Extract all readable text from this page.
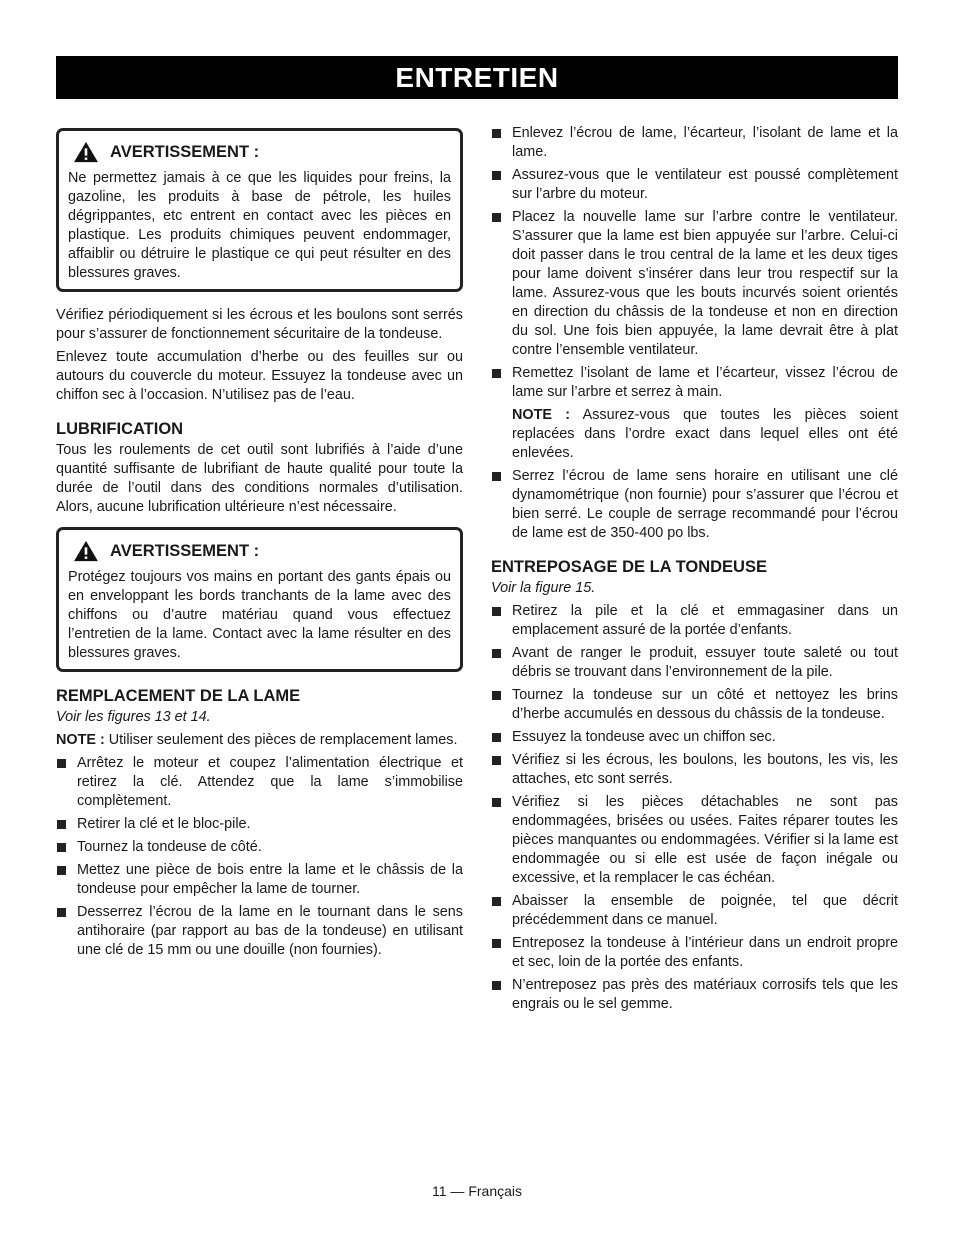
ENTRETIEN
AVERTISSEMENT :

Ne permettez jamais à ce que les liquides pour freins, la gazoline, les produits à base de pétrole, les huiles dégrippantes, etc entrent en contact avec les pièces en plastique. Les produits chimiques peuvent endommager, affaiblir ou détruire le plastique ce qui peut résulter en des blessures graves.

Vérifiez périodiquement si les écrous et les boulons sont serrés pour s’assurer de fonctionnement sécuritaire de la tondeuse.

Enlevez toute accumulation d’herbe ou des feuilles sur ou autours du couvercle du moteur. Essuyez la tondeuse avec un chiffon sec à l’occasion. N’utilisez pas de l’eau.

LUBRIFICATION

Tous les roulements de cet outil sont lubrifiés à l’aide d’une quantité suffisante de lubrifiant de haute qualité pour toute la durée de l’outil dans des conditions normales d’utilisation. Alors, aucune lubrification ultérieure n’est nécessaire.

AVERTISSEMENT :

Protégez toujours vos mains en portant des gants épais ou en enveloppant les bords tranchants de la lame avec des chiffons ou d’autre matériau quand vous effectuez l’entretien de la lame. Contact avec la lame résulter en des blessures graves.

REMPLACEMENT DE LA LAME
Voir les figures 13 et 14.

NOTE : Utiliser seulement des pièces de remplacement lames.

Arrêtez le moteur et coupez l’alimentation électrique et retirez la clé. Attendez que la lame s’immobilise complètement.
Retirer la clé et le bloc-pile.
Tournez la tondeuse de côté.
Mettez une pièce de bois entre la lame et le châssis de la tondeuse pour empêcher la lame de tourner.
Desserrez l’écrou de la lame en le tournant dans le sens antihoraire (par rapport au bas de la tondeuse) en utilisant une clé de 15 mm ou une douille (non fournies).
Enlevez l’écrou de lame, l’écarteur, l’isolant de lame et la lame.
Assurez-vous que le ventilateur est poussé complètement sur l’arbre du moteur.
Placez la nouvelle lame sur l’arbre contre le ventilateur. S’assurer que la lame est bien appuyée sur l’arbre. Celui-ci doit passer dans le trou central de la lame et les deux tiges pour lame doivent s’insérer dans leur trou respectif sur la lame. Assurez-vous que les bouts incurvés soient orientés en direction du châssis de la tondeuse et non en direction du sol. Une fois bien appuyée, la lame devrait être à plat contre l’ensemble ventilateur.
Remettez l’isolant de lame et l’écarteur, vissez l’écrou de lame sur l’arbre et serrez à main.

NOTE : Assurez-vous que toutes les pièces soient replacées dans l’ordre exact dans lequel elles ont été enlevées.

Serrez l’écrou de lame sens horaire en utilisant une clé dynamométrique (non fournie) pour s’assurer que l’écrou et bien serré. Le couple de serrage recommandé pour l’écrou de lame est de 350-400 po lbs.
ENTREPOSAGE DE LA TONDEUSE
Voir la figure 15.
Retirez la pile et la clé et emmagasiner dans un emplacement assuré de la portée d’enfants.
Avant de ranger le produit, essuyer toute saleté ou tout débris se trouvant dans l’environnement de la pile.
Tournez la tondeuse sur un côté et nettoyez les brins d’herbe accumulés en dessous du châssis de la tondeuse.
Essuyez la tondeuse avec un chiffon sec.
Vérifiez si les écrous, les boulons, les boutons, les vis, les attaches, etc sont serrés.
Vérifiez si les pièces détachables ne sont pas endommagées, brisées ou usées. Faites réparer toutes les pièces manquantes ou endommagées. Vérifier si la lame est endommagée ou si elle est usée de façon inégale ou excessive, et la remplacer le cas échéan.
Abaisser la ensemble de poignée, tel que décrit précédemment dans ce manuel.
Entreposez la tondeuse à l’intérieur dans un endroit propre et sec, loin de la portée des enfants.
N’entreposez pas près des matériaux corrosifs tels que les engrais ou le sel gemme.
11 — Français
